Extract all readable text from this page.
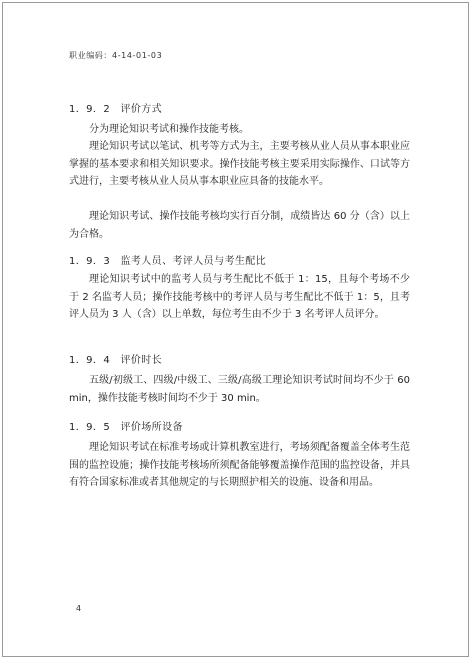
职业编码：4-14-01-03
1．9．2　评价方式

分为理论知识考试和操作技能考核。

理论知识考试以笔试、机考等方式为主，主要考核从业人员从事本职业应掌握的基本要求和相关知识要求。操作技能考核主要采用实际操作、口试等方式进行，主要考核从业人员从事本职业应具备的技能水平。

理论知识考试、操作技能考核均实行百分制，成绩皆达 60 分（含）以上为合格。

1．9．3　监考人员、考评人员与考生配比

理论知识考试中的监考人员与考生配比不低于 1：15，且每个考场不少于 2 名监考人员；操作技能考核中的考评人员与考生配比不低于 1：5，且考评人员为 3 人（含）以上单数，每位考生由不少于 3 名考评人员评分。

1．9．4　评价时长

五级/初级工、四级/中级工、三级/高级工理论知识考试时间均不少于 60 min，操作技能考核时间均不少于 30 min。

1．9．5　评价场所设备

理论知识考试在标准考场或计算机教室进行，考场须配备覆盖全体考生范围的监控设施；操作技能考核场所须配备能够覆盖操作范围的监控设备，并具有符合国家标准或者其他规定的与长期照护相关的设施、设备和用品。

4
